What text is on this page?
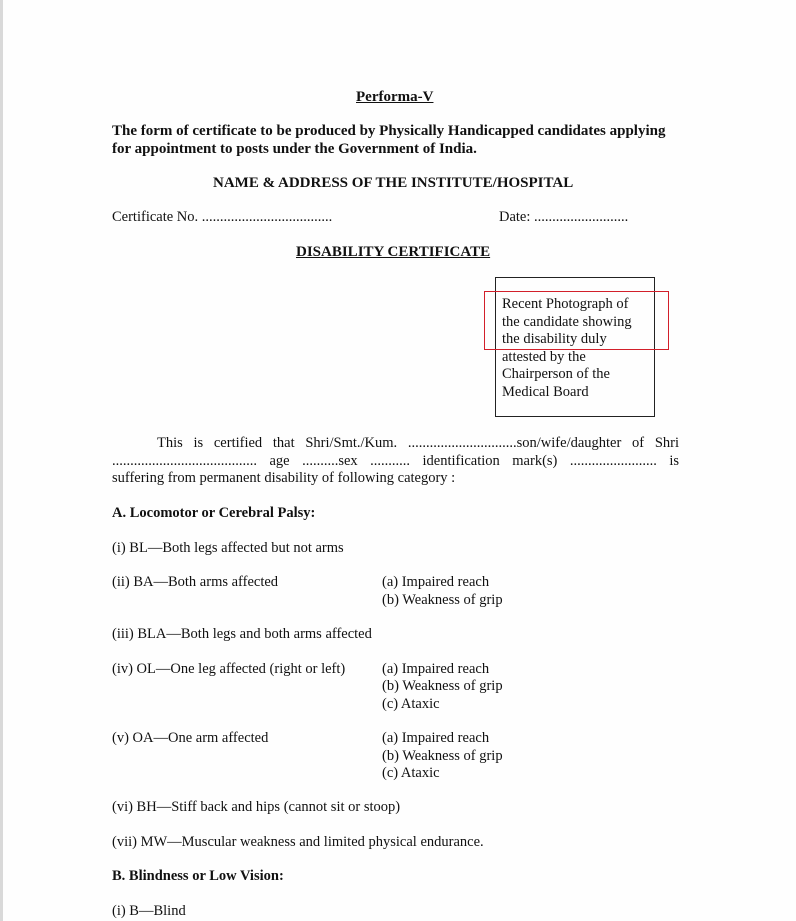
Performa-V
The form of certificate to be produced by Physically Handicapped candidates applying
for appointment to posts under the Government of India.
NAME & ADDRESS OF THE INSTITUTE/HOSPITAL
Certificate No. ....................................	Date: ..........................
DISABILITY CERTIFICATE
Recent Photograph of
the candidate showing
the disability duly
attested by the
Chairperson of the
Medical Board
This is certified that Shri/Smt./Kum. ..............................son/wife/daughter of Shri
........................................ age ..........sex ........... identification mark(s) ........................ is
suffering from permanent disability of following category :
A. Locomotor or Cerebral Palsy:
(i) BL—Both legs affected but not arms
(ii) BA—Both arms affected	(a) Impaired reach
(b) Weakness of grip
(iii) BLA—Both legs and both arms affected
(iv) OL—One leg affected (right or left)	(a) Impaired reach
(b) Weakness of grip
(c) Ataxic
(v) OA—One arm affected	(a) Impaired reach
(b) Weakness of grip
(c) Ataxic
(vi) BH—Stiff back and hips (cannot sit or stoop)
(vii) MW—Muscular weakness and limited physical endurance.
B. Blindness or Low Vision:
(i) B—Blind
